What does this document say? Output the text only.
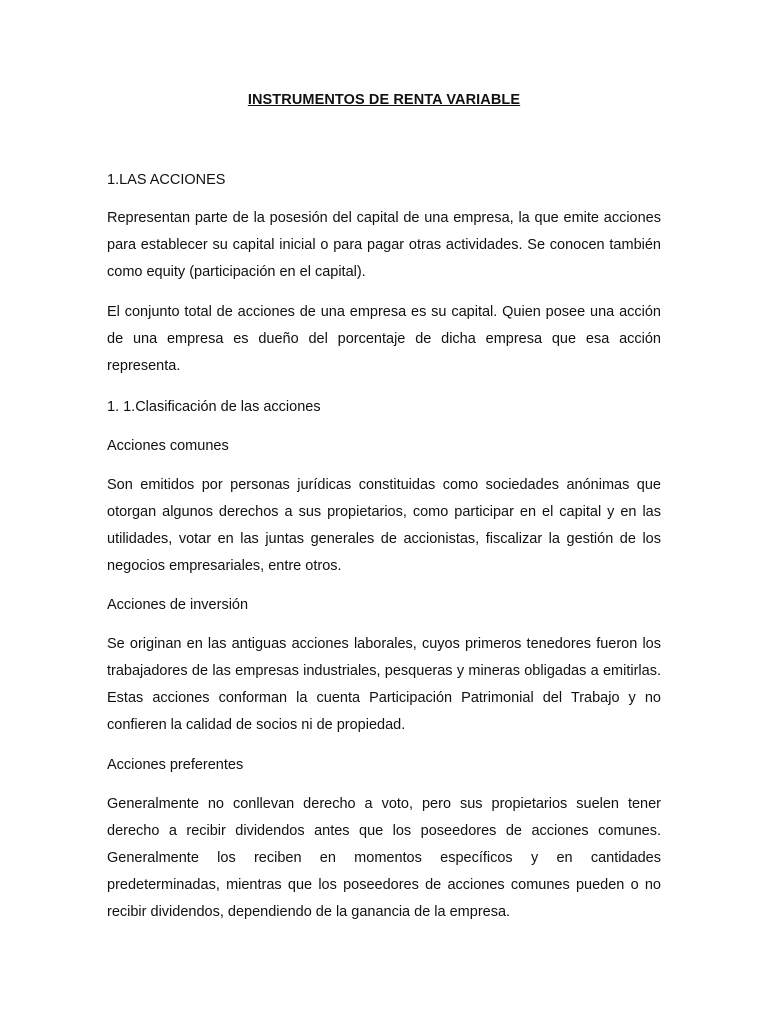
INSTRUMENTOS DE RENTA VARIABLE
1.LAS ACCIONES

Representan parte de la posesión del capital de una empresa, la que emite acciones para establecer su capital inicial o para pagar otras actividades. Se conocen también como equity (participación en el capital).

El conjunto total de acciones de una empresa es su capital. Quien posee una acción de una empresa es dueño del porcentaje de dicha empresa que esa acción representa.

1. 1.Clasificación de las acciones
Acciones comunes

Son emitidos por personas jurídicas constituidas como sociedades anónimas que otorgan algunos derechos a sus propietarios, como participar en el capital y en las utilidades, votar en las juntas generales de accionistas, fiscalizar la gestión de los negocios empresariales, entre otros.

Acciones de inversión

Se originan en las antiguas acciones laborales, cuyos primeros tenedores fueron los trabajadores de las empresas industriales, pesqueras y mineras obligadas a emitirlas. Estas acciones conforman la cuenta Participación Patrimonial del Trabajo y no confieren la calidad de socios ni de propiedad.

Acciones preferentes

Generalmente no conllevan derecho a voto, pero sus propietarios suelen tener derecho a recibir dividendos antes que los poseedores de acciones comunes. Generalmente los reciben en momentos específicos y en cantidades predeterminadas, mientras que los poseedores de acciones comunes pueden o no recibir dividendos, dependiendo de la ganancia de la empresa.
